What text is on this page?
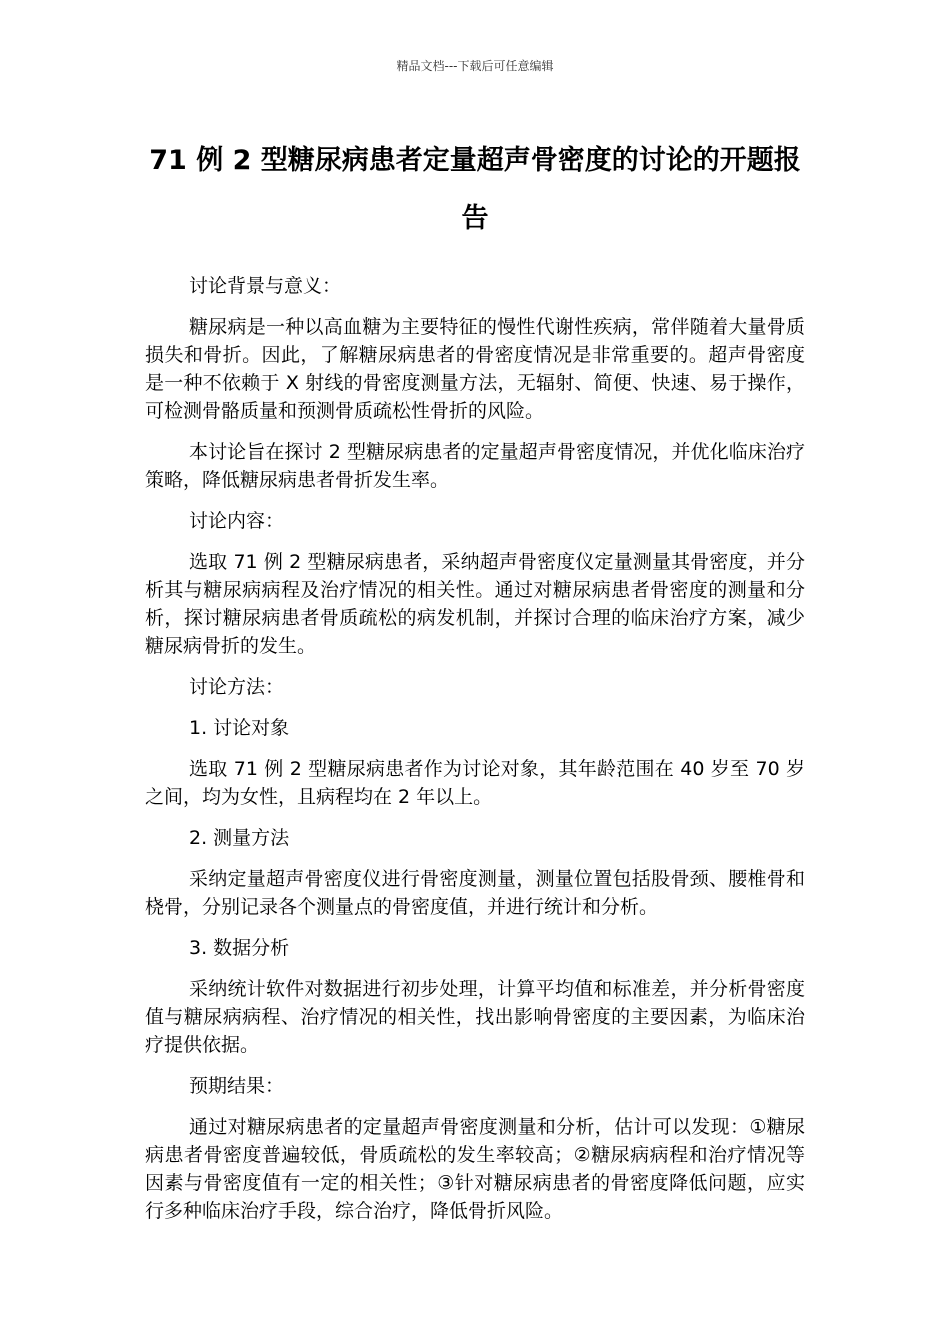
精品文档---下载后可任意编辑
71 例 2 型糖尿病患者定量超声骨密度的讨论的开题报告

讨论背景与意义：

糖尿病是一种以高血糖为主要特征的慢性代谢性疾病，常伴随着大量骨质损失和骨折。因此，了解糖尿病患者的骨密度情况是非常重要的。超声骨密度是一种不依赖于 X 射线的骨密度测量方法，无辐射、简便、快速、易于操作，可检测骨骼质量和预测骨质疏松性骨折的风险。

本讨论旨在探讨 2 型糖尿病患者的定量超声骨密度情况，并优化临床治疗策略，降低糖尿病患者骨折发生率。

讨论内容：

选取 71 例 2 型糖尿病患者，采纳超声骨密度仪定量测量其骨密度，并分析其与糖尿病病程及治疗情况的相关性。通过对糖尿病患者骨密度的测量和分析，探讨糖尿病患者骨质疏松的病发机制，并探讨合理的临床治疗方案，减少糖尿病骨折的发生。

讨论方法：

1. 讨论对象

选取 71 例 2 型糖尿病患者作为讨论对象，其年龄范围在 40 岁至 70 岁之间，均为女性，且病程均在 2 年以上。

2. 测量方法

采纳定量超声骨密度仪进行骨密度测量，测量位置包括股骨颈、腰椎骨和桡骨，分别记录各个测量点的骨密度值，并进行统计和分析。

3. 数据分析

采纳统计软件对数据进行初步处理，计算平均值和标准差，并分析骨密度值与糖尿病病程、治疗情况的相关性，找出影响骨密度的主要因素，为临床治疗提供依据。

预期结果：

通过对糖尿病患者的定量超声骨密度测量和分析，估计可以发现：①糖尿病患者骨密度普遍较低，骨质疏松的发生率较高；②糖尿病病程和治疗情况等因素与骨密度值有一定的相关性；③针对糖尿病患者的骨密度降低问题，应实行多种临床治疗手段，综合治疗，降低骨折风险。
